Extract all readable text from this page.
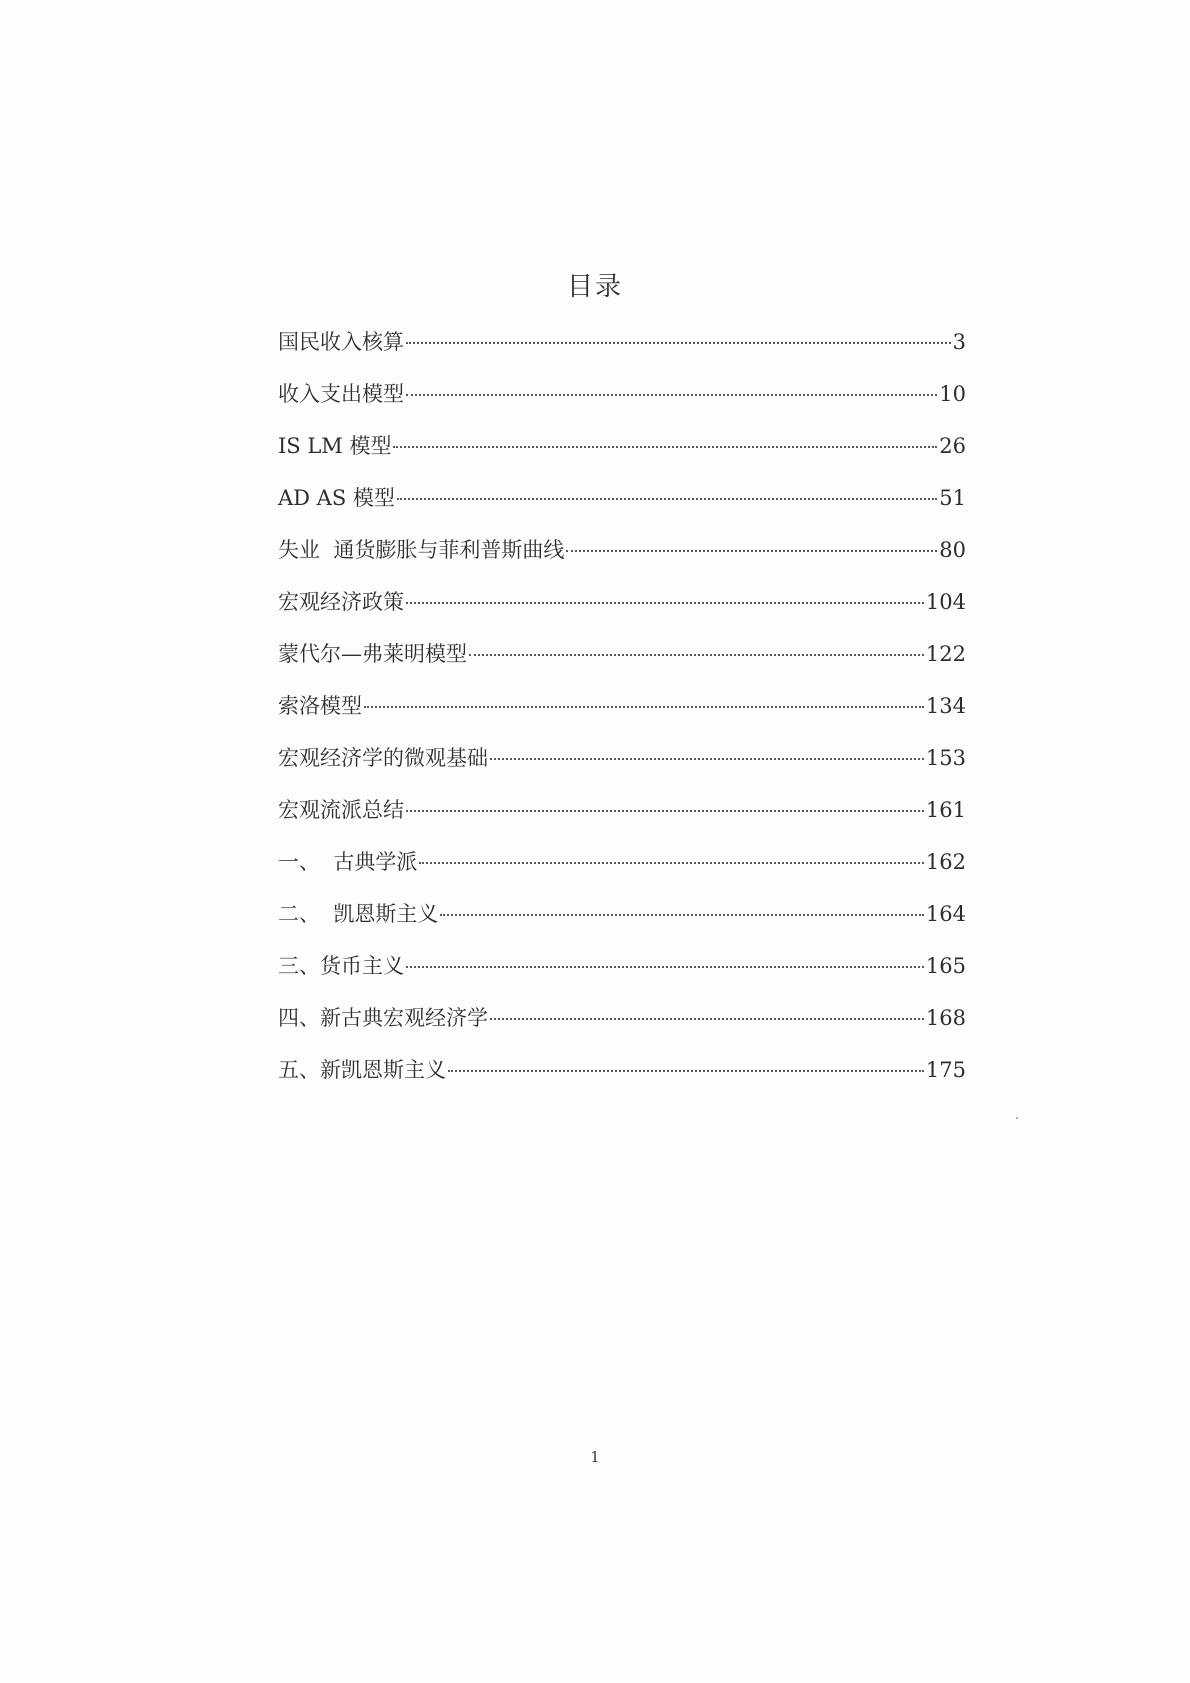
目录
国民收入核算	3
收入支出模型	10
IS LM 模型	26
AD AS 模型	51
失业  通货膨胀与菲利普斯曲线	80
宏观经济政策	104
蒙代尔—弗莱明模型	122
索洛模型	134
宏观经济学的微观基础	153
宏观流派总结	161
一、  古典学派	162
二、  凯恩斯主义	164
三、货币主义	165
四、新古典宏观经济学	168
五、新凯恩斯主义	175
1
